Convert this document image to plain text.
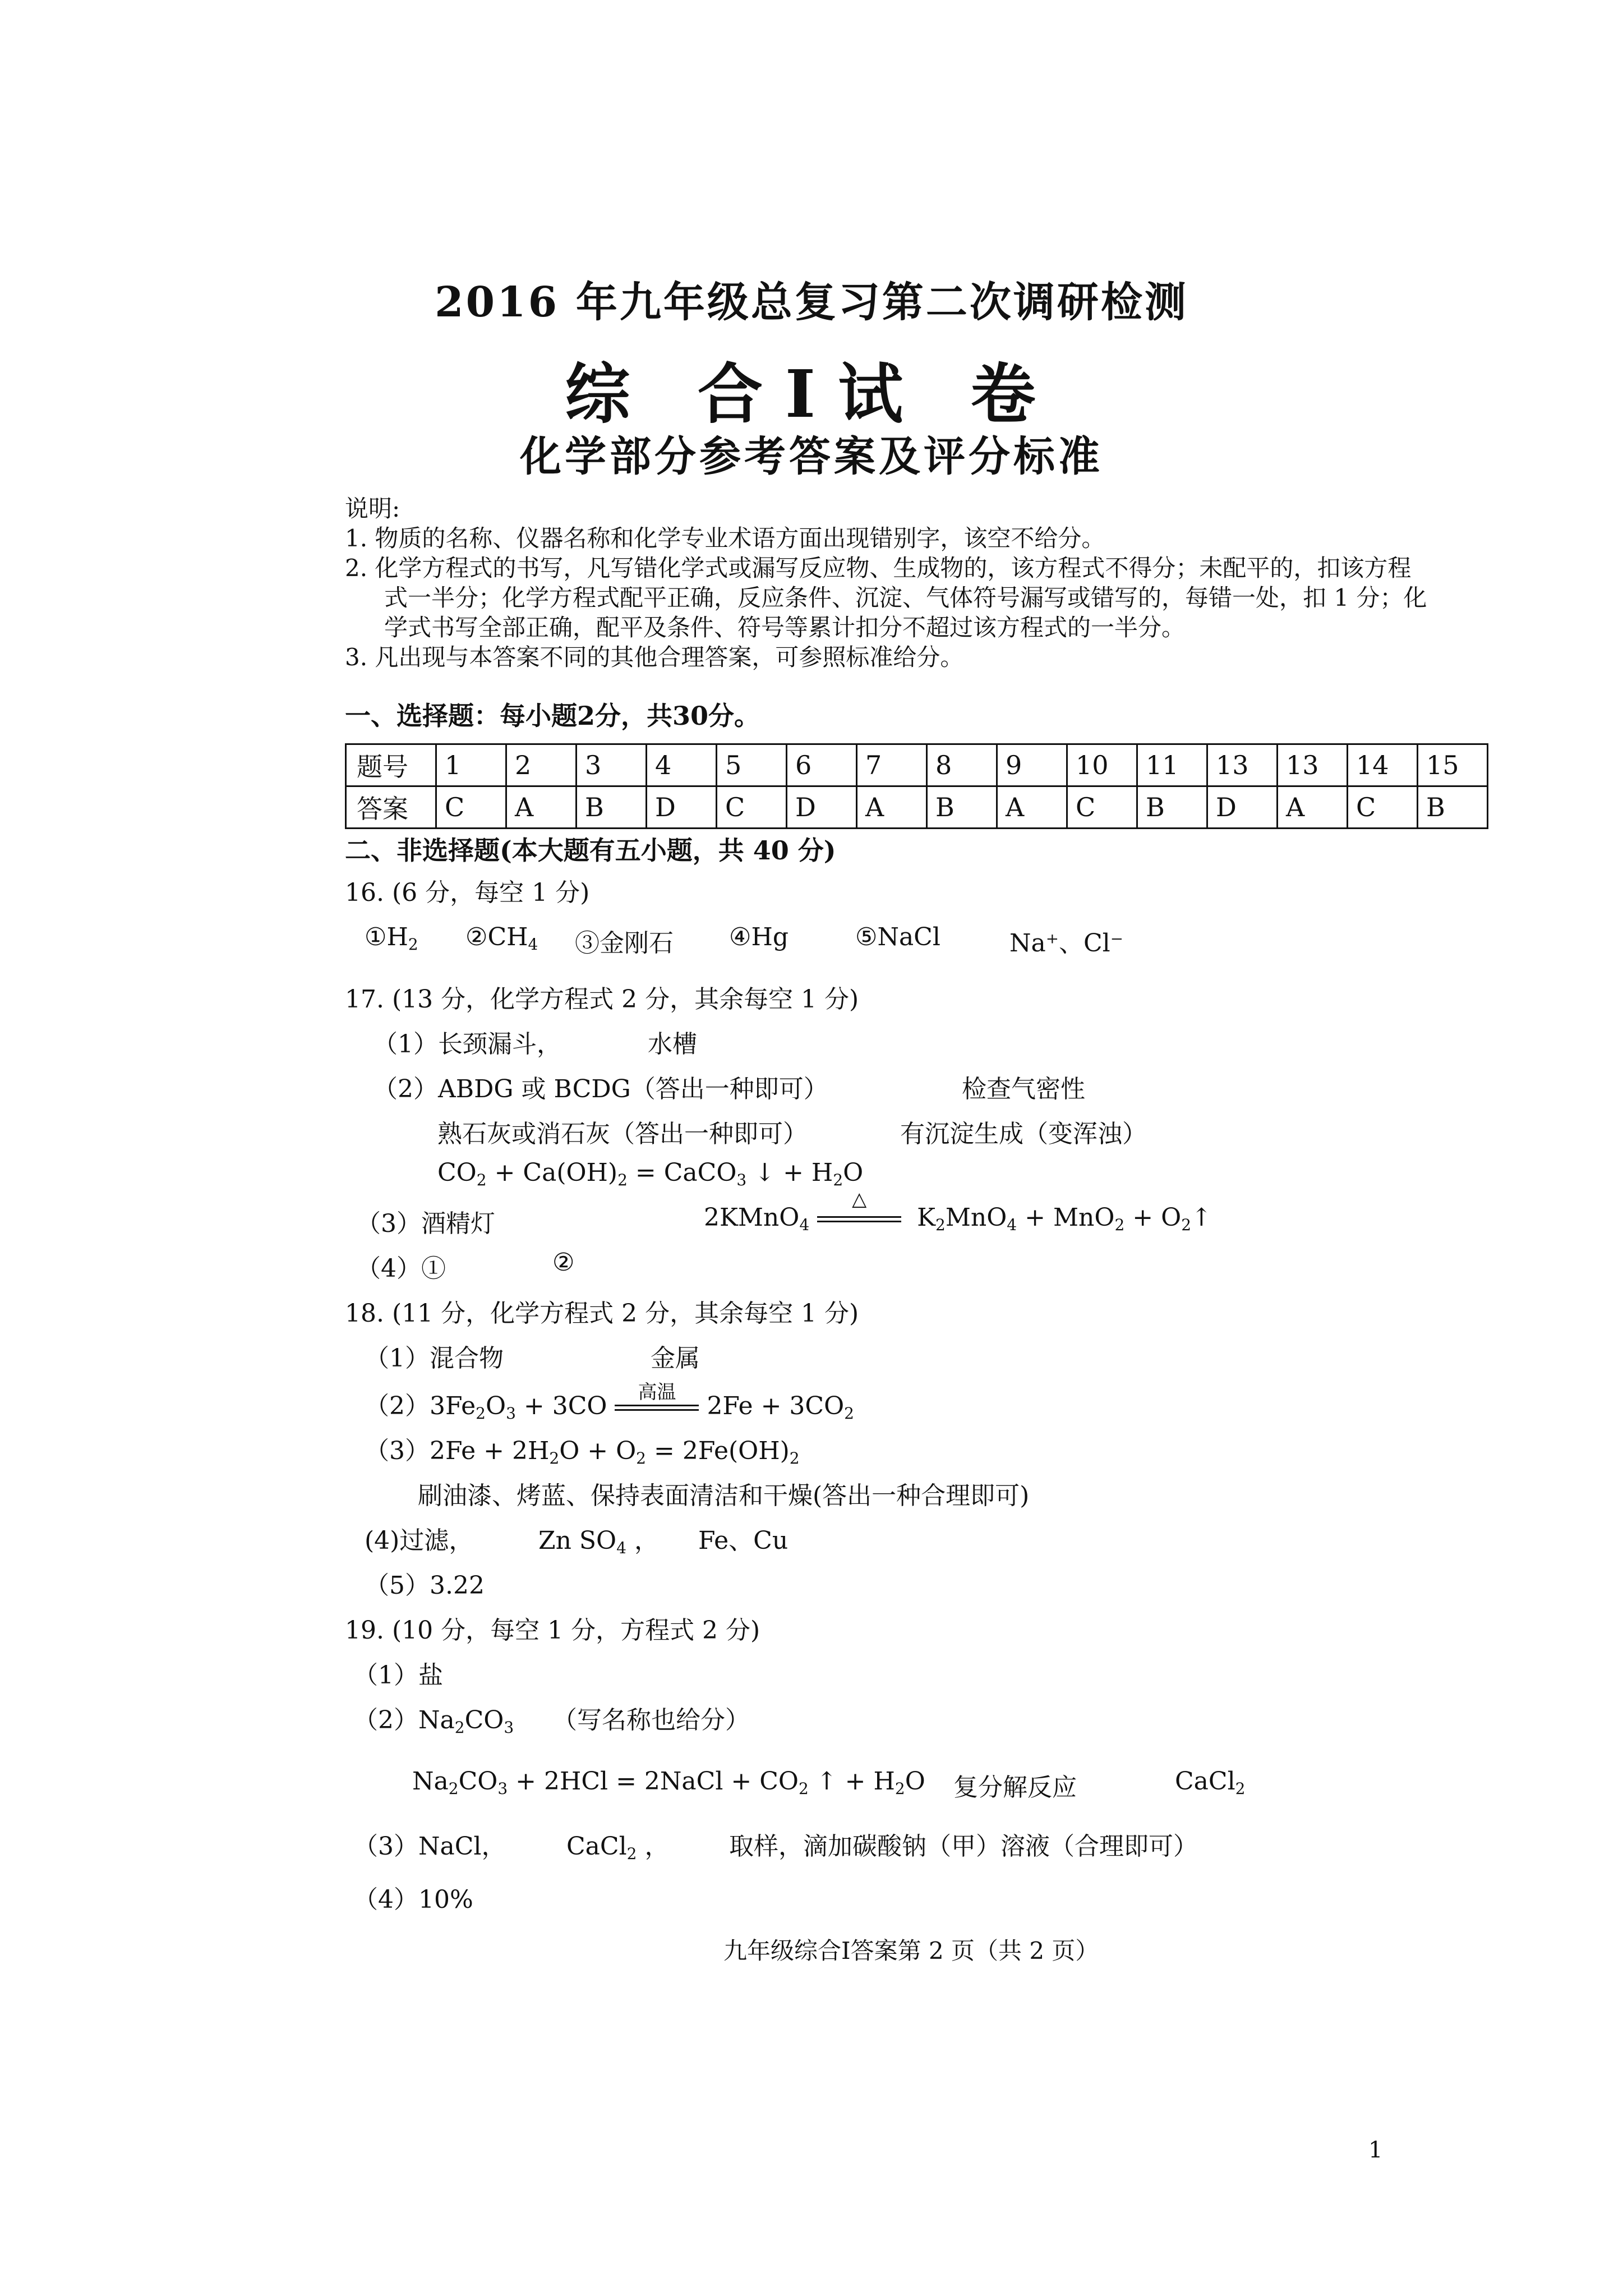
2016 年九年级总复习第二次调研检测
综 合Ⅰ试 卷
化学部分参考答案及评分标准
说明:
1. 物质的名称、仪器名称和化学专业术语方面出现错别字，该空不给分。
2. 化学方程式的书写，凡写错化学式或漏写反应物、生成物的，该方程式不得分；未配平的，扣该方程式一半分；化学方程式配平正确，反应条件、沉淀、气体符号漏写或错写的，每错一处，扣 1 分；化学式书写全部正确，配平及条件、符号等累计扣分不超过该方程式的一半分。
3. 凡出现与本答案不同的其他合理答案，可参照标准给分。
一、选择题：每小题2分，共30分。
题号	1	2	3	4	5	6	7	8	9	10	11	13	13	14	15
答案	C	A	B	D	C	D	A	B	A	C	B	D	A	C	B
二、非选择题(本大题有五小题，共 40 分)
16. (6 分，每空 1 分)
$①H_2$ $②CH_4$ ③金刚石 ④Hg	⑤NaCl	Na⁺、Cl⁻
17. (13 分，化学方程式 2 分，其余每空 1 分)
（1）长颈漏斗，	水槽
（2）ABDG 或 BCDG（答出一种即可）	检查气密性
熟石灰或消石灰（答出一种即可）	有沉淀生成（变浑浊）
$CO_2 + Ca(OH)_2$ = CaCO$_3$ ↓ + $H_2O$
（3）酒精灯	2KMnO$_4$
△
$K_2MnO_4 + MnO_2$ + $O_2↑$
（4）①	②
18. (11 分，化学方程式 2 分，其余每空 1 分)
（1）混合物	金属
$(2)3Fe_2O_3 + 3CO$	高温 $2Fe + 3CO_2$
$(3)2Fe + 2H_2O + O_2 = 2Fe(OH)_2$
刷油漆、烤蓝、保持表面清洁和干燥(答出一种合理即可)
(4)过滤，	Zn $SO_4$ ， Fe、Cu
（5）3.22
19. (10 分，每空 1 分，方程式 2 分)
（1）盐
$(2)Na_2CO_3$ （写名称也给分）
$Na_2CO_3 + 2HCl$ = 2NaCl + $CO_2$ ↑ + $H_2O$ 复分解反应	CaCl$_2$
（3）NaCl， CaCl$_2$ ， 取样，滴加碳酸钠（甲）溶液（合理即可）
（4）10%
九年级综合Ⅰ答案第 2 页（共 2 页）
1
